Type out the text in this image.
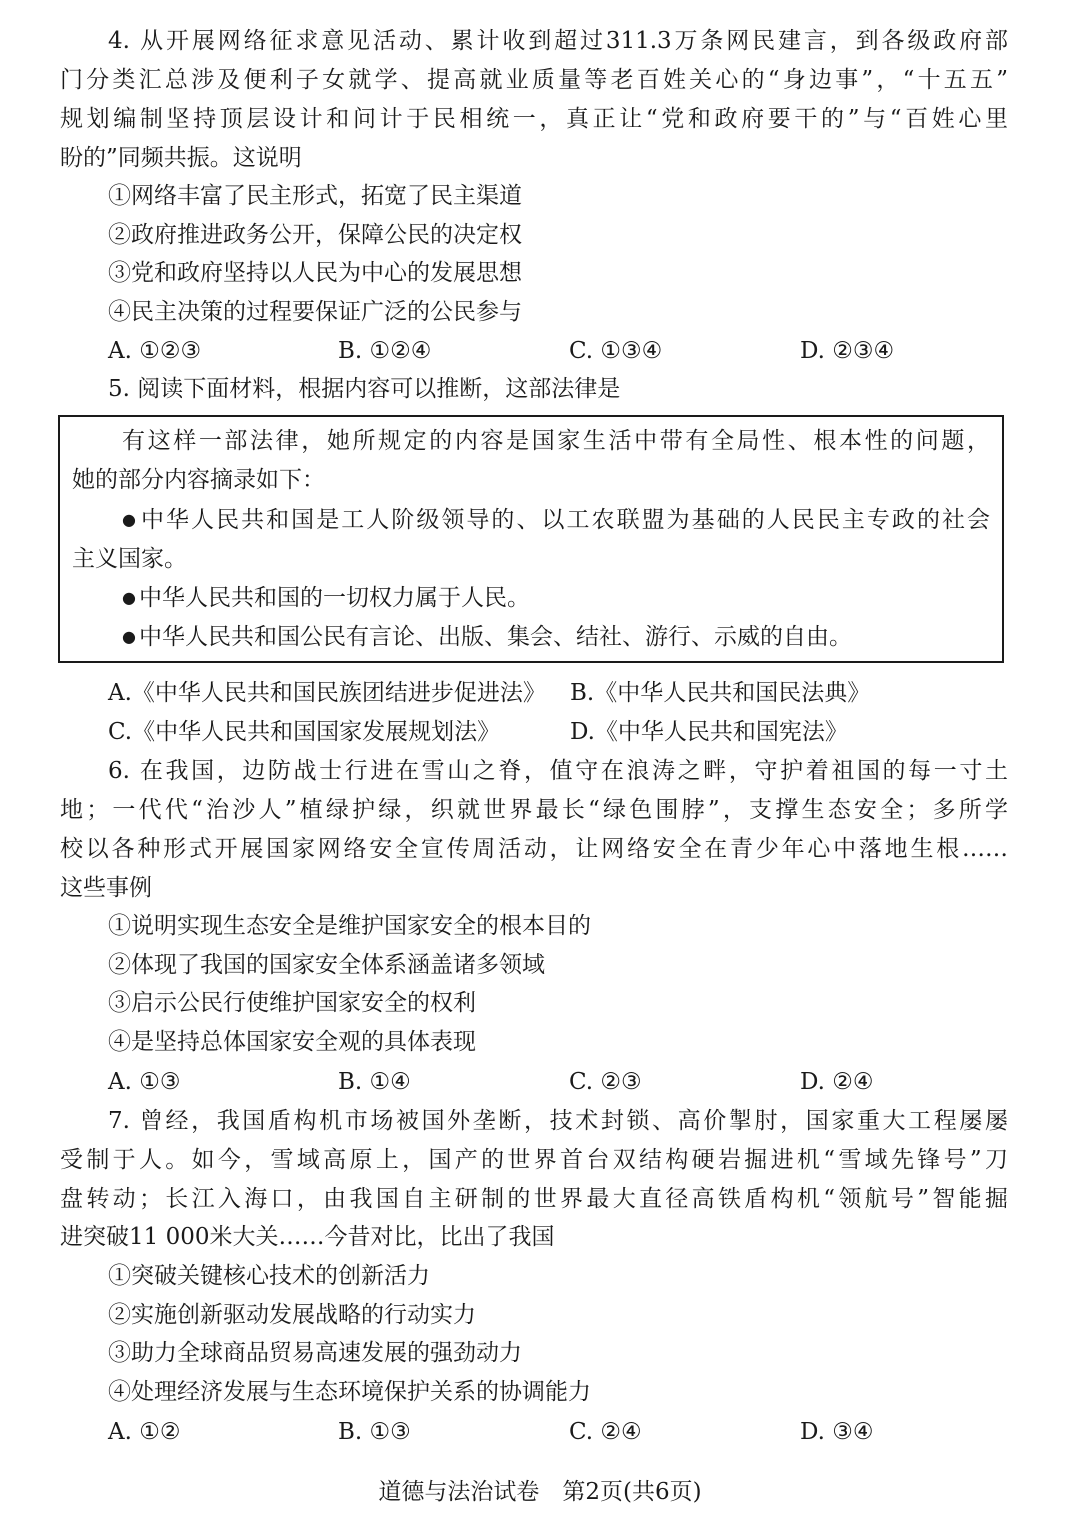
4. 从开展网络征求意见活动、累计收到超过311.3万条网民建言，到各级政府部
门分类汇总涉及便利子女就学、提高就业质量等老百姓关心的“身边事”，“十五五”
规划编制坚持顶层设计和问计于民相统一，真正让“党和政府要干的”与“百姓心里
盼的”同频共振。这说明
①网络丰富了民主形式，拓宽了民主渠道
②政府推进政务公开，保障公民的决定权
③党和政府坚持以人民为中心的发展思想
④民主决策的过程要保证广泛的公民参与
A. ①②③	B. ①②④	C. ①③④	D. ②③④
5. 阅读下面材料，根据内容可以推断，这部法律是
有这样一部法律，她所规定的内容是国家生活中带有全局性、根本性的问题，
她的部分内容摘录如下：
● 中华人民共和国是工人阶级领导的、以工农联盟为基础的人民民主专政的社会
主义国家。
● 中华人民共和国的一切权力属于人民。
● 中华人民共和国公民有言论、出版、集会、结社、游行、示威的自由。
A.《中华人民共和国民族团结进步促进法》 B.《中华人民共和国民法典》
C.《中华人民共和国国家发展规划法》	D.《中华人民共和国宪法》
6. 在我国，边防战士行进在雪山之脊，值守在浪涛之畔，守护着祖国的每一寸土
地；一代代“治沙人”植绿护绿，织就世界最长“绿色围脖”，支撑生态安全；多所学
校以各种形式开展国家网络安全宣传周活动，让网络安全在青少年心中落地生根……
这些事例
①说明实现生态安全是维护国家安全的根本目的
②体现了我国的国家安全体系涵盖诸多领域
③启示公民行使维护国家安全的权利
④是坚持总体国家安全观的具体表现
A. ①③	B. ①④	C. ②③	D. ②④
7. 曾经，我国盾构机市场被国外垄断，技术封锁、高价掣肘，国家重大工程屡屡
受制于人。如今，雪域高原上，国产的世界首台双结构硬岩掘进机“雪域先锋号”刀
盘转动；长江入海口，由我国自主研制的世界最大直径高铁盾构机“领航号”智能掘
进突破11 000米大关……今昔对比，比出了我国
①突破关键核心技术的创新活力
②实施创新驱动发展战略的行动实力
③助力全球商品贸易高速发展的强劲动力
④处理经济发展与生态环境保护关系的协调能力
A. ①②	B. ①③	C. ②④	D. ③④
道德与法治试卷　第2页(共6页)
